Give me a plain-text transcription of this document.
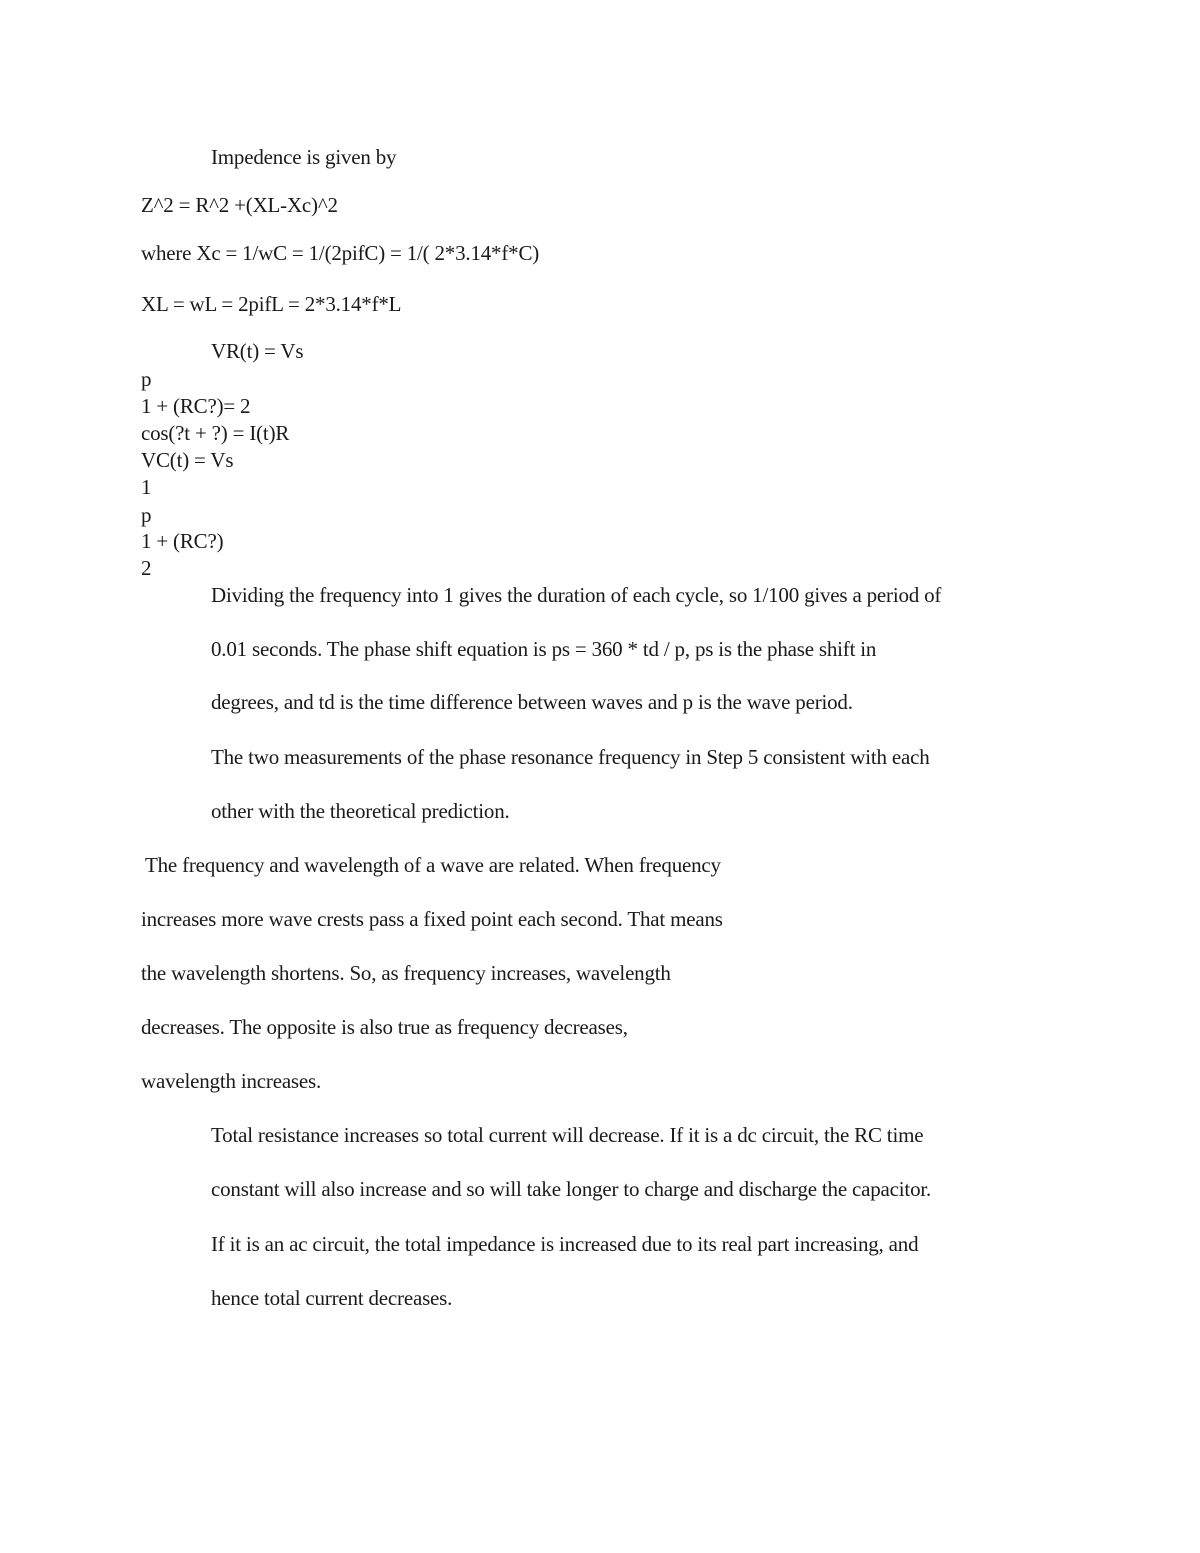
Impedence is given by
Z^2 = R^2 +(XL-Xc)^2
where Xc = 1/wC = 1/(2pifC) = 1/( 2*3.14*f*C)
XL = wL = 2pifL = 2*3.14*f*L
VR(t) = Vs
p
1 + (RC?)= 2
cos(?t + ?) = I(t)R
VC(t) = Vs
1
p
1 + (RC?)
2
Dividing the frequency into 1 gives the duration of each cycle, so 1/100 gives a period of
0.01 seconds. The phase shift equation is ps = 360 * td / p, ps is the phase shift in
degrees, and td is the time difference between waves and p is the wave period.
The two measurements of the phase resonance frequency in Step 5 consistent with each
other with the theoretical prediction.
The frequency and wavelength of a wave are related. When frequency
increases more wave crests pass a fixed point each second. That means
the wavelength shortens. So, as frequency increases, wavelength
decreases. The opposite is also true as frequency decreases,
wavelength increases.
Total resistance increases so total current will decrease. If it is a dc circuit, the RC time
constant will also increase and so will take longer to charge and discharge the capacitor.
If it is an ac circuit, the total impedance is increased due to its real part increasing, and
hence total current decreases.
